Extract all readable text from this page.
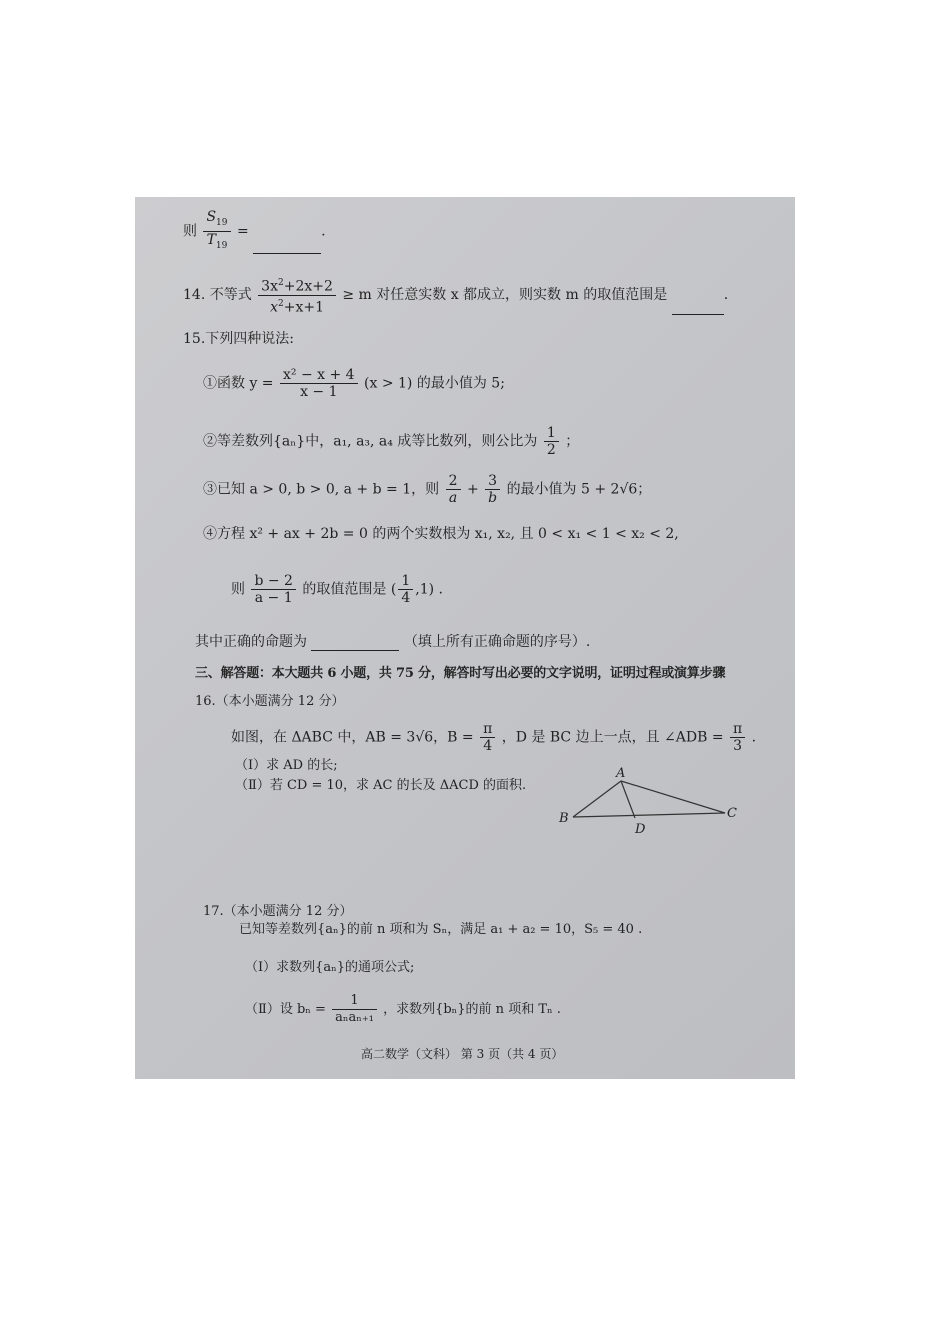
则 $\frac{S_{19}}{T_{19}}$ =	.
14. 不等式 $\frac{3x^2+2x+2}{x^2+x+1} \ge m$ 对任意实数 x 都成立，则实数 m 的取值范围是	.
15.下列四种说法:
①函数 $y = \frac{\text{x² − x + 4}}{x - 1} (x > 1)$ 的最小值为 5;
②等差数列{aₙ}中，a₁, a₃, a₄ 成等比数列，则公比为 $\frac{1}{2}$ ；
③已知 a > 0, b > 0, a + b = 1，则 $\frac{2}{a} + \frac{3}{b}$ 的最小值为 5 + 2√6；
④方程 x² + ax + 2b = 0 的两个实数根为 x₁, x₂, 且 0 < x₁ < 1 < x₂ < 2,
则 $\frac{b - 2}{a - 1}$ 的取值范围是 ( $\frac{1}{4} ,1$) .
其中正确的命题为	（填上所有正确命题的序号）.
三、解答题：本大题共 6 小题，共 75 分，解答时写出必要的文字说明，证明过程或演算步骤
16.（本小题满分 12 分）
如图，在 ΔABC 中，AB = 3√6，$B = \frac{\pi}{4}$ ，D 是 BC 边上一点，且 ∠ADB = $\frac{\pi}{3}$ .
（Ⅰ）求 AD 的长;
（Ⅱ）若 CD = 10，求 AC 的长及 ΔACD 的面积.
A
B	C
D
17.（本小题满分 12 分）
已知等差数列{aₙ}的前 n 项和为 Sₙ，满足 a₁ + a₂ = 10，S₅ = 40 .
（Ⅰ）求数列{aₙ}的通项公式;
（Ⅱ）设 $b_n = \frac{1}{\text{aₙaₙ₊₁}}$ ，求数列{bₙ}的前 n 项和 Tₙ .
高二数学（文科） 第 3 页（共 4 页）
